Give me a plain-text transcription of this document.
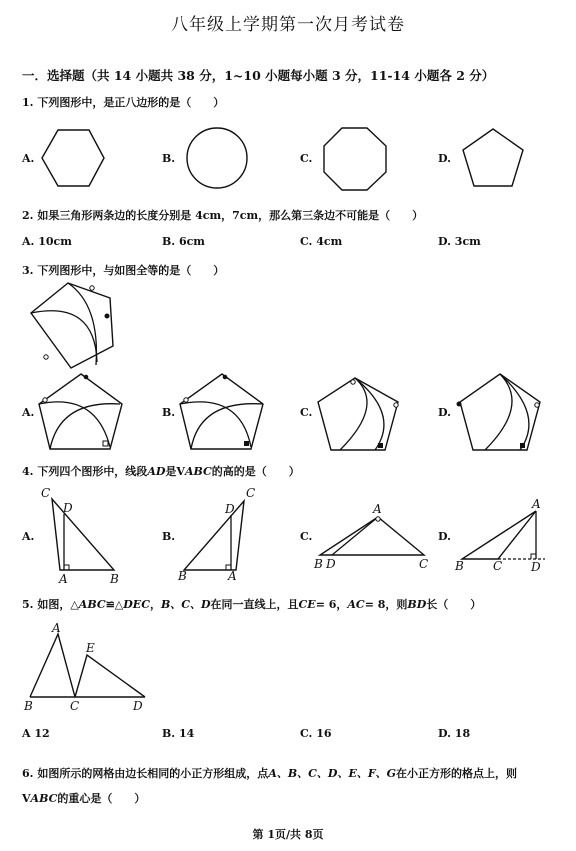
八年级上学期第一次月考试卷
一．选择题（共 14 小题共 38 分，1~10 小题每小题 3 分，11-14 小题各 2 分）
1. 下列图形中，是正八边形的是（　　）
A.	B.	C.	D.
2. 如果三角形两条边的长度分别是 4cm，7cm，那么第三条边不可能是（　　）
A. 10cm	B. 6cm	C. 4cm	D. 3cm
3. 下列图形中，与如图全等的是（　　）
A.	B.	C.	D.
4. 下列四个图形中，线段AD是VABC的高的是（　　）
C
D
A	B
C
D
B	A
A
B D	C
A
B C D
A.	B.	C.	D.
5. 如图，△ABC≌△DEC，B、C、D在同一直线上，且CE= 6，AC= 8，则BD长（　　）
A
E
B	C	D
A 12	B. 14	C. 16	D. 18
6. 如图所示的网格由边长相同的小正方形组成，点A、B、C、D、E、F、G在小正方形的格点上，则
VABC的重心是（　　）
第 1页/共 8页
